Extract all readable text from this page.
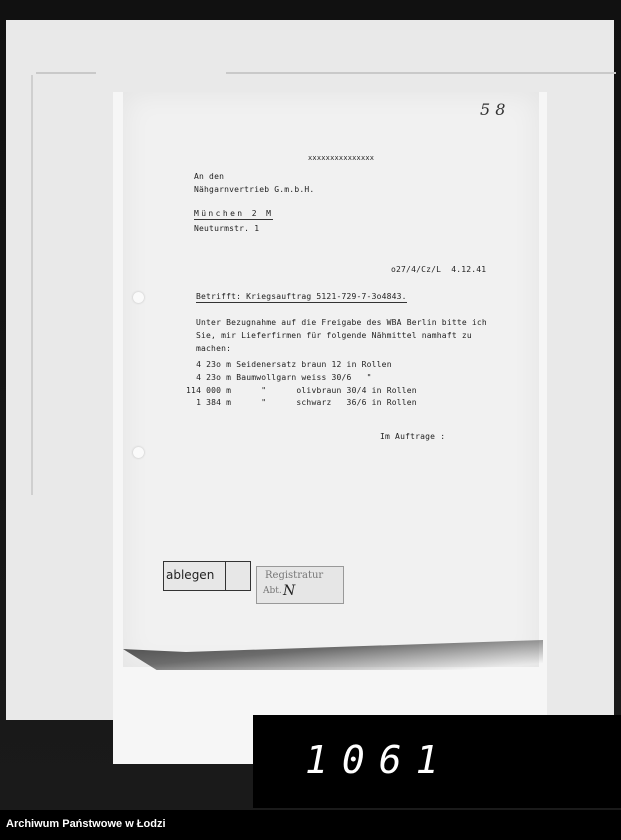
5 8
xxxxxxxxxxxxxxx
An den
Nähgarnvertrieb G.m.b.H.
München 2 M
Neuturmstr. 1
o27/4/Cz/L  4.12.41
Betrifft: Kriegsauftrag 5121-729-7-3o4843.
Unter Bezugnahme auf die Freigabe des WBA Berlin bitte ich
Sie, mir Lieferfirmen für folgende Nähmittel namhaft zu
machen:
4 23o m Seidenersatz braun 12 in Rollen
4 23o m Baumwollgarn weiss 30/6   "
114 000 m      "      olivbraun 30/4 in Rollen
1 384 m      "      schwarz   36/6 in Rollen
Im Auftrage :
ablegen	Registratur
Abt. N
1061
Archiwum Państwowe w Łodzi
